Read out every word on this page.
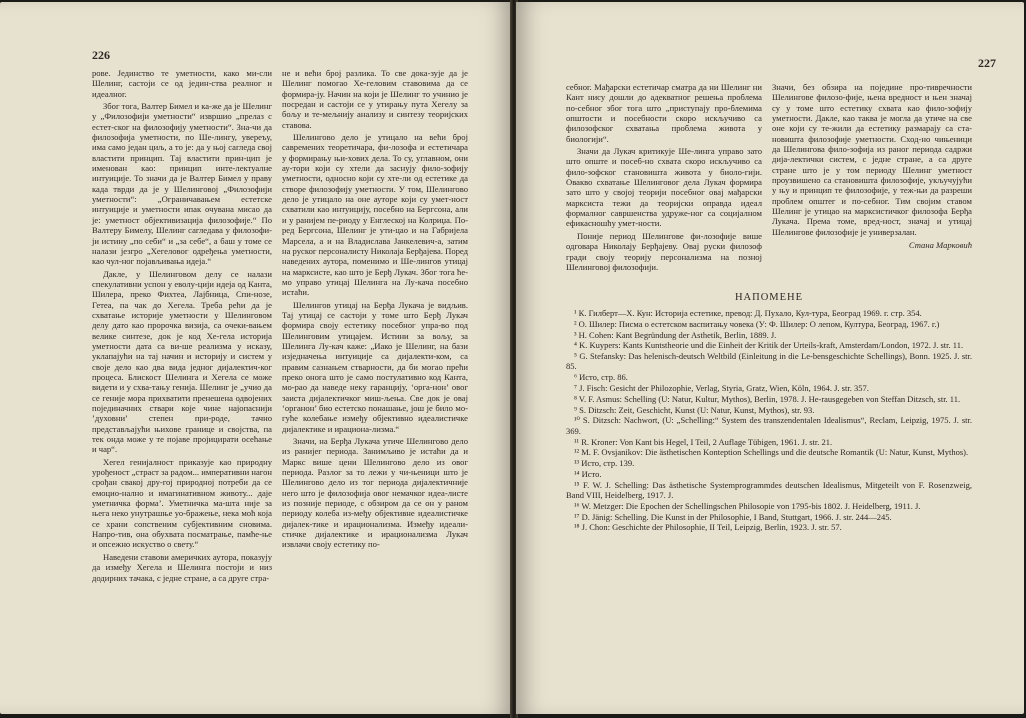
226

рове. Јединство те уметности, како ми-сли Шелинг, састоји се од једин-ства реалног и идеалног.

Због тога, Валтер Бимел и ка-же да је Шелинг у „Филозофији уметности“ извршио „прелаз с естет-ског на филозофију уметности“. Зна-чи да филозофија уметности, по Ше-лингу, увереъу, има само један циљ, а то је: да у њој сагледа свој властити принцип. Тај властити прин-цип је именован као: принцип инте-лектуалне интуиције. То значи да је Валтер Бимел у праву када тврди да је у Шелинговој „Филозофији уметности“: „Ограничавањем естетске интуиције и уметности ипак очувана мисао да је: уметност објективизација филозофије.“ По Валтеру Бимелу, Шелинг сагледава у филозофи-ји истину „по себи“ и „за себе“, а баш у томе се налази језгро „Хегеловог одређења уметности, као чул-ног појављивања идеја.“

Дакле, у Шелинговом делу се налази спекулативни успон у еволу-цији идеја од Канта, Шилера, преко Фихтеа, Лајбница, Спи-нозе, Гетеа, па чак до Хегела. Треба рећи да је схватање историје уметности у Шелинговом делу дато као пророчка визија, са очеки-вањем велике синтезе, док је код Хе-гела историја уметности дата са ви-ше реализма у исказу, уклапајући на тај начин и историју и систем у своје дело као два вида једног дијалектич-ког процеса. Блискост Шелинга и Хегела се може видети и у схва-тању генија. Шелинг је „учио да се геније мора прихватити пренешена одвојених појединачних ствари које чине најопаснији ’духовни’ степен при-роде, тачно представљајући њихове границе и својства, па тек онда може у те појаве пројицирати осећање и чар“.

Хегел гениjалност приказује као природну урођеност „страст за радом... императивни нагон срођан свакој дру-гој природној потреби да се емоцио-нално и имагинативном животу... даје уметничка форма’. Уметничка ма-шта није за њега неко унутрашње уо-бражење, нека моћ која се храни сопственим субјективним сновима. Напро-тив, она обухвата посматрање, памће-ње и опсежно искуство о свету.“

Наведени ставови америчких аутора, показују да између Хегела и Шелинга постоји и низ додирних тачака, с једне стране, а са друге стра-

не и већи број разлика. То све дока-зује да је Шелинг помогао Хе-геловим ставовима да се формира-ју. Начин на који је Шелинг то учинио је посредан и састоји се у утирању пута Хегелу за бољу и те-мељнију анализу и синтезу теоријских ставова.

Шелингово дело је утицало на већи број савремених теоретичара, фи-лозофа и естетичара у формирању њи-хових дела. То су, углавном, они ау-тори који су хтели да заснују фило-зофију уметности, односно који су хте-ли од естетике да створе филозофију уметности. У том, Шелингово дело је утицало на оне ауторе који су умет-ност схватили као интуицију, посебно на Бергсона, али и у ранијем пе-риоду у Енглеској на Колриџа. По-ред Бергсона, Шелинг је ути-цао и на Габријела Марсела, а и на Владислава Јанкелевич-а, затим на руског персоналисту Николаја Берђајева. Поред наведених аутора, поменимо и Ше-лингов утицај на марксисте, као што је Берђ Лукач. Због тога ће-мо управо утицај Шелинга на Лу-кача посебно истаћи.

Шелингов утицај на Берђа Лукача је видљив. Тај утицај се састоји у томе што Берђ Лукач формира своју естетику посебног упра-во под Шелинговим утицајем. Истини за вољу, за Шелинга Лу-кач каже: „Иако је Шелинг, на бази изједначења интуиције са дијалекти-ком, са правим сазнањем стварности, да би могао прећи преко онога што је само постулативно код Канта, мо-рао да наведе неку гаранцију, ‘орга-нон’ овог заиста дијалектичког миш-љења. Све док је овај ‘органон’ био естетско понашање, још је било мо-гуће колебање између објективно идеалистичке дијалектике и ирациона-лизма.“

Значи, на Берђа Лукача утиче Шелингово дело из ранијег периода. Занимљиво је истаћи да и Маркс више цени Шелингово дело из овог периода. Разлог за то лежи у чи-њеници што је Шелингово дело из тог периода дијалектичније него што је филозофија овог немачког идеа-листе из позније периоде, с обзиром да се он у раном периоду колеба из-међу објективне идеалистичке дијалек-тике и ирационализма. Између идеали-стичке дијалектике и ирационализма Лукач извлачи своју естетику по-

227

себног. Мађарски естетичар сматра да ни Шелинг ни Кант нису дошли до адекватног решења проблема по-себног због тога што „приступају про-блемима општости и посебности скоро искључиво са филозофског схватања проблема живота у биологији“.

Значи да Лукач критикује Ше-линга управо зато што опште и посеб-но схвата скоро искључиво са фило-зофског становишта живота у биоло-гији. Овакво схватање Шелинговог дела Лукач формира зато што у својој теорији посебног овај мађарски марксиста тежи да теоријски оправда идеал формалног савршенства удруже-ног са социјалном ефикасношћу умет-ности.

Поније период Шелингове фи-лозофије више одговара Николају Берђајеву. Овај руски филозоф гради своју теорију персонализма на позној Шелинговој филозофији.

Значи, без обзира на поједине про-тивречности Шелингове филозо-фије, њена вредност и њен значај су у томе што естетику схвата као фило-зофију уметности. Дакле, као таква је могла да утиче на све оне који су те-жили да естетику размарају са ста-новишта филозофије уметности. Сход-но чињеници да Шелингова фило-зофија из раног периода садржи дија-лектички систем, с једне стране, а са друге стране што је у том периоду Шелинг уметност проузвишено са становишта филозофије, укључујући у њу и принцип те филозофије, у теж-њи да разреши проблем општег и по-себног. Тим својим ставом Шелинг је утицао на марксистичког филозофа Берђа Лукача. Према томе, вред-ност, значај и утицај Шелингове филозофије је универзалан.

Стана Марковић

НАПОМЕНЕ

¹ К. Гилберт—Х. Кун: Историја естетике, превод: Д. Пухало, Кул-тура, Београд 1969. г. стр. 354.

² О. Шилер: Писма о естетском васпитању човека (У: Ф. Шилер: О лепом, Култура, Београд, 1967. г.)

³ H. Cohen: Kant Begründung der Asthetik, Berlin, 1889. J.

⁴ K. Kuypers: Kants Kuntstheorie und die Einheit der Kritik der Urteils-kraft, Amsterdam/London, 1972. J. str. 11.

⁵ G. Stefansky: Das helenisch-deutsch Weltbild (Einleitung in die Le-bensgeschichte Schellings), Bonn. 1925. J. str. 85.

⁶ Исто, стр. 86.

⁷ J. Fisch: Gesicht der Philozophie, Verlag, Styria, Gratz, Wien, Köln, 1964. J. str. 357.

⁸ V. F. Asmus: Schelling (U: Natur, Kultur, Mythos), Berlin, 1978. J. He-rausgegeben von Steffan Ditzsch, str. 11.

⁹ S. Ditzsch: Zeit, Geschicht, Kunst (U: Natur, Kunst, Mythos), str. 93.

¹⁰ S. Ditzsch: Nachwort, (U: „Schelling:“ System des transzendentalen Idealismus“, Reclam, Leipzig, 1975. J. str. 369.

¹¹ R. Kroner: Von Kant bis Hegel, I Teil, 2 Auflage Tübigen, 1961. J. str. 21.

¹² M. F. Ovsjanikov: Die ästhetischen Konteption Schellings und die deutsche Romantik (U: Natur, Kunst, Mythos).

¹³ Исто, стр. 139.

¹⁴ Исто.

¹⁵ F. W. J. Schelling: Das ästhetische Systemprogrammdes deutschen Idealismus, Mitgeteilt von F. Rosenzweig, Band VIII, Heidelberg, 1917. J.

¹⁶ W. Metzger: Die Epochen der Schellingschen Philosopie von 1795-bis 1802. J. Heidelberg, 1911. J.

¹⁷ D. Jänig: Schelling. Die Kunst in der Philosophie, I Band, Stuttgart, 1966. J. str. 244—245.

¹⁸ J. Chon: Geschichte der Philosophie, II Teil, Leipzig, Berlin, 1923. J. str. 57.
